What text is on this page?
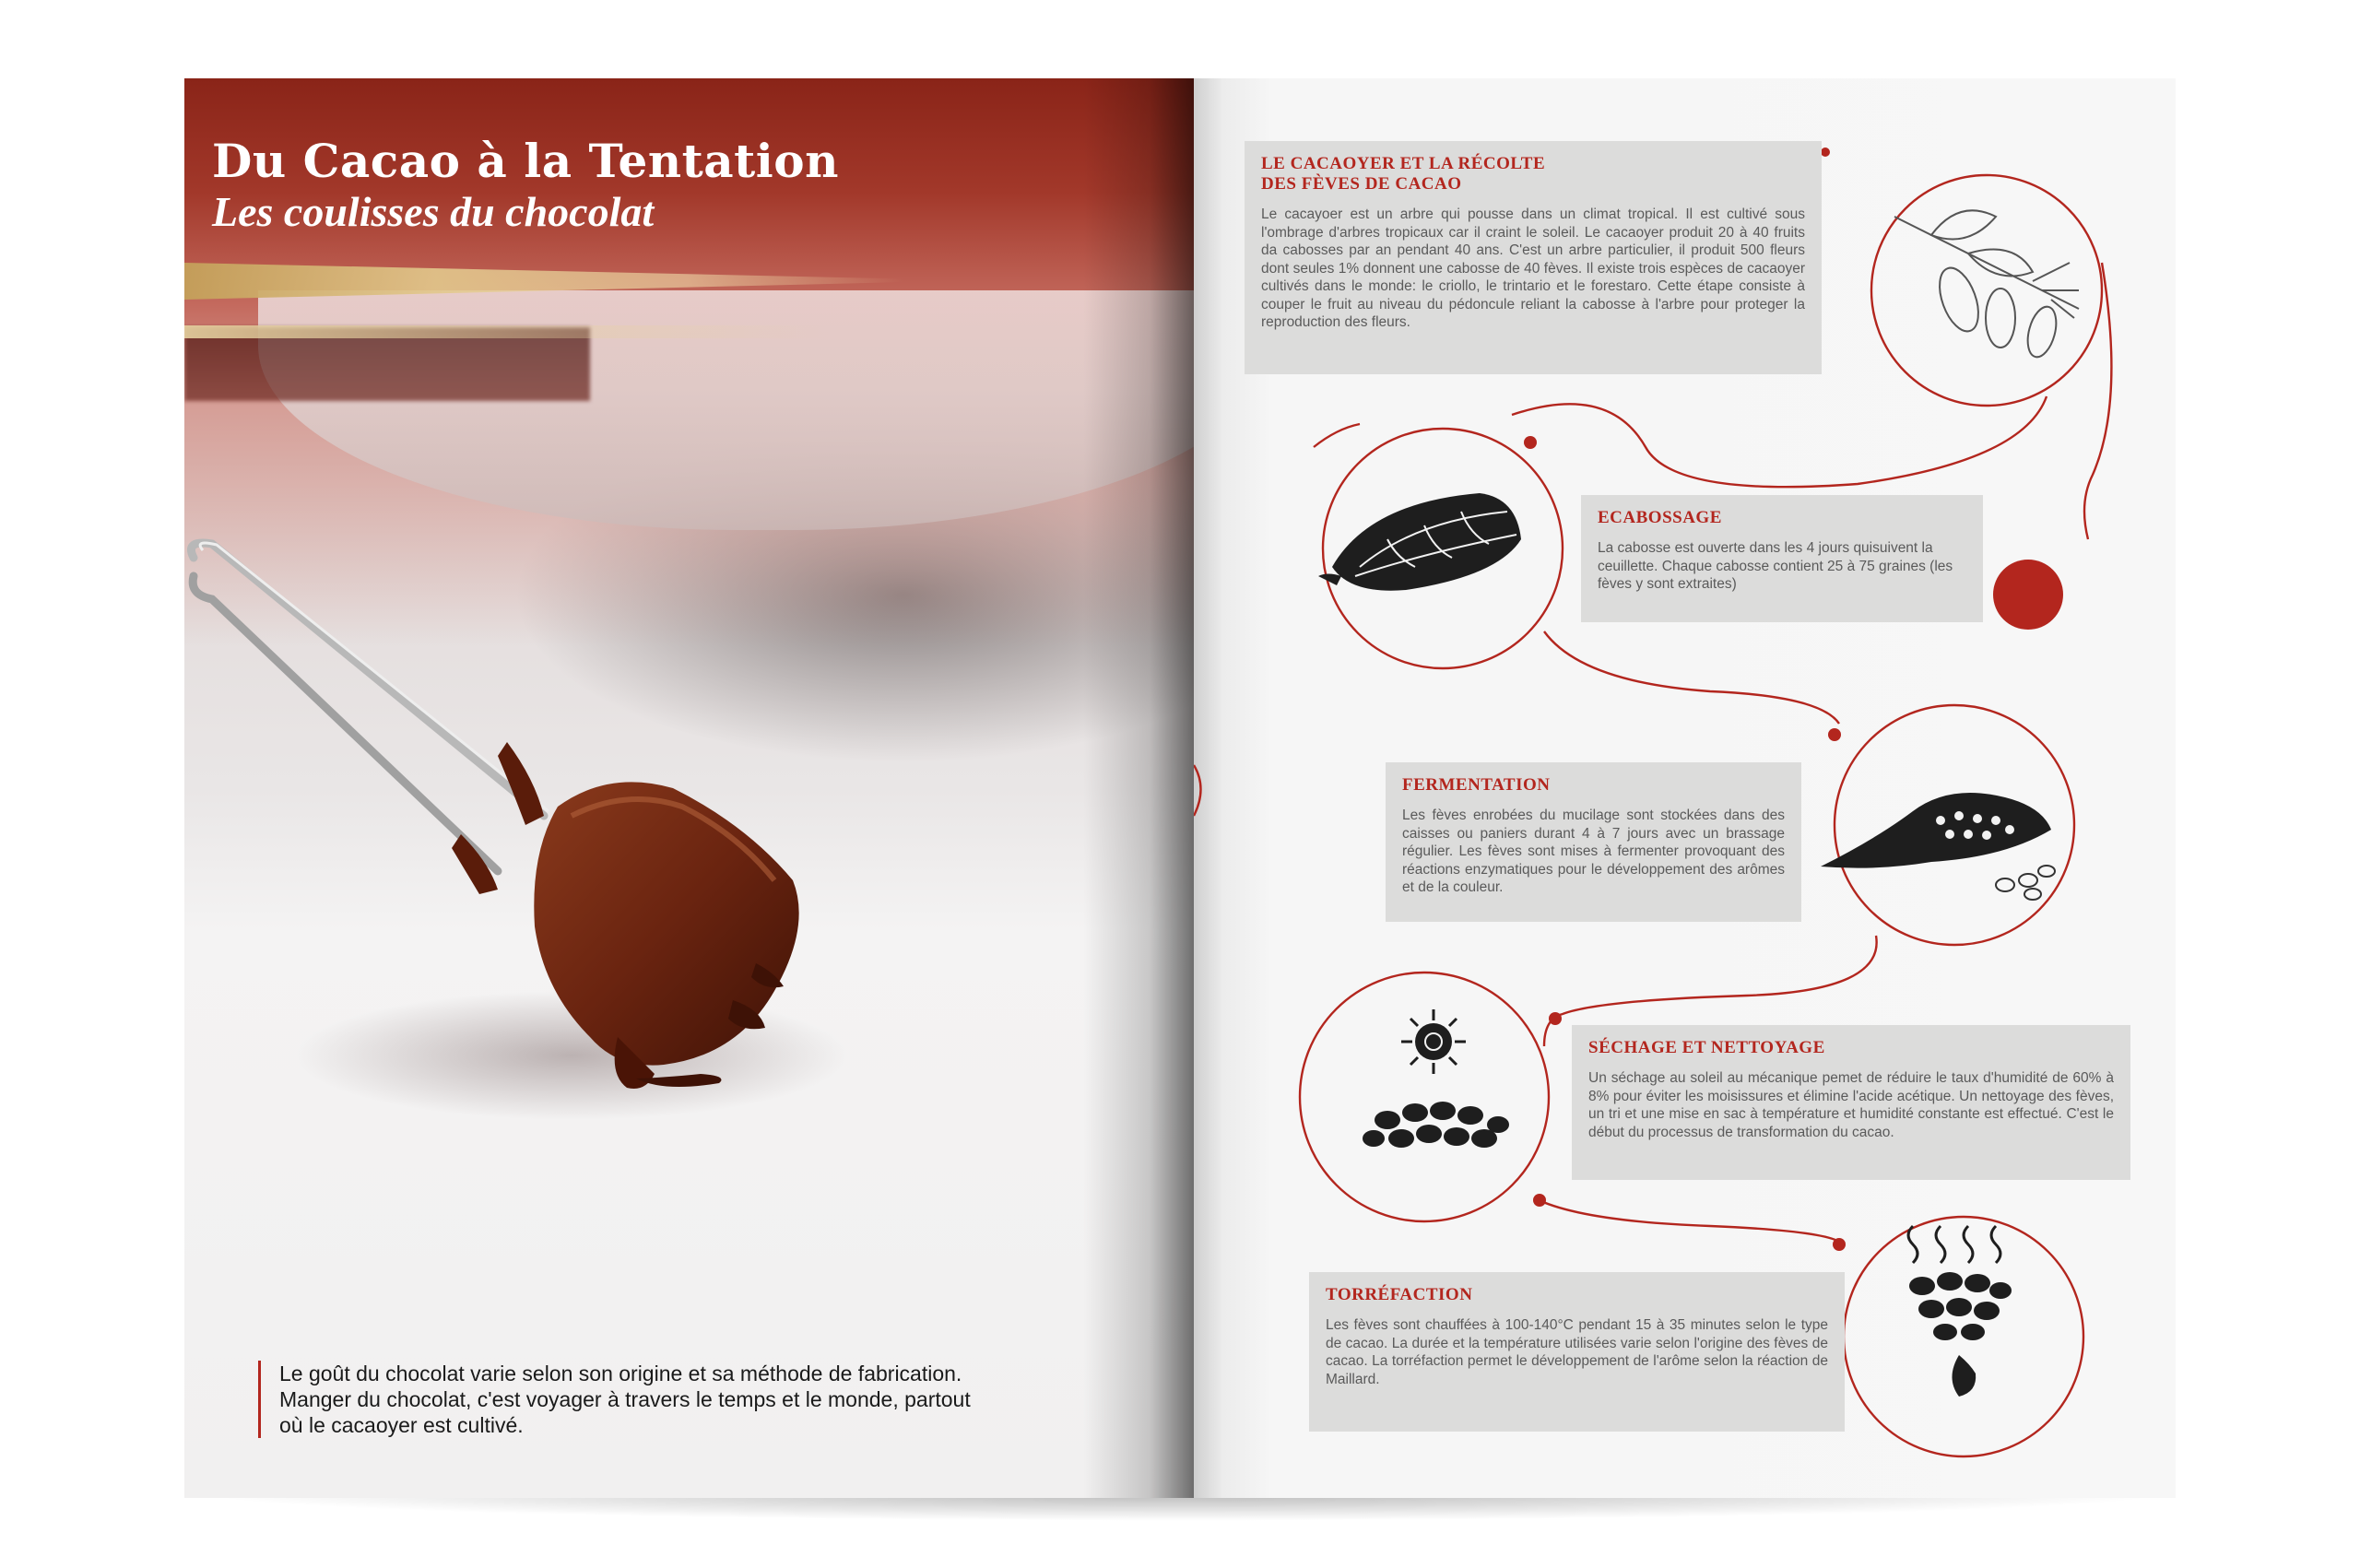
Du Cacao à la Tentation
Les coulisses du chocolat

Le goût du chocolat varie selon son origine et sa méthode de fabrication. Manger du chocolat, c'est voyager à travers le temps et le monde, partout où le cacaoyer est cultivé.

LE CACAOYER ET LA RÉCOLTE
DES FÈVES DE CACAO

Le cacayoer est un arbre qui pousse dans un climat tropical. Il est cultivé sous l'ombrage d'arbres tropicaux car il craint le soleil. Le cacaoyer produit 20 à 40 fruits da cabosses par an pendant 40 ans. C'est un arbre particulier, il produit 500 fleurs dont seules 1% donnent une cabosse de 40 fèves. Il existe trois espèces de cacaoyer cultivés dans le monde: le criollo, le trintario et le forestaro. Cette étape consiste à couper le fruit au niveau du pédoncule reliant la cabosse à l'arbre pour proteger la reproduction des fleurs.

ECABOSSAGE

La cabosse est ouverte dans les 4 jours quisuivent la ceuillette. Chaque cabosse contient 25 à 75 graines (les fèves y sont extraites)

FERMENTATION

Les fèves enrobées du mucilage sont stockées dans des caisses ou paniers durant 4 à 7 jours avec un brassage régulier. Les fèves sont mises à fermenter provoquant des réactions enzymatiques pour le développement des arômes et de la couleur.

SÉCHAGE ET NETTOYAGE

Un séchage au soleil au mécanique pemet de réduire le taux d'humidité de 60% à 8% pour éviter les moisissures et élimine l'acide acétique. Un nettoyage des fèves, un tri et une mise en sac à température et humidité constante est effectué. C'est le début du processus de transformation du cacao.

TORRÉFACTION

Les fèves sont chauffées à 100-140°C pendant 15 à 35 minutes selon le type de cacao. La durée et la température utilisées varie selon l'origine des fèves de cacao. La torréfaction permet le développement de l'arôme selon la réaction de Maillard.
